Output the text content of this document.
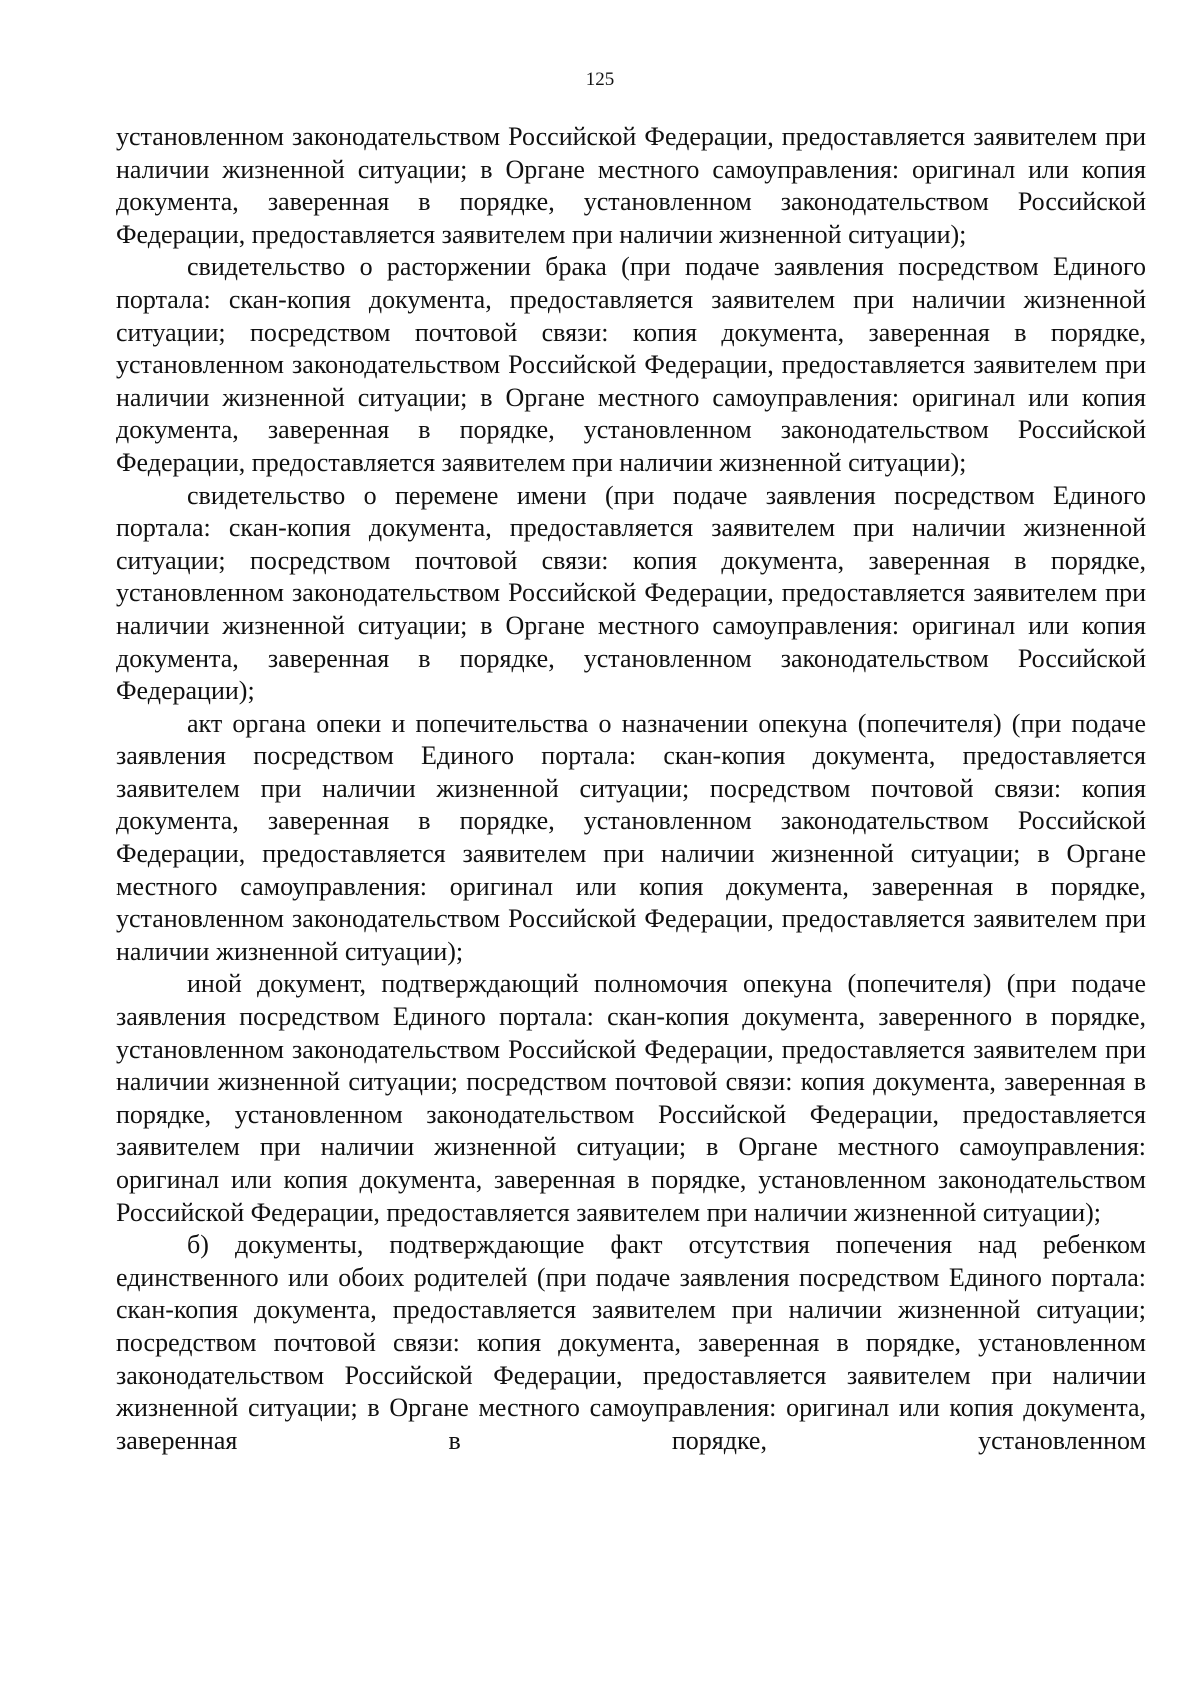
125

установленном законодательством Российской Федерации, предоставляется заявителем при наличии жизненной ситуации; в Органе местного самоуправления: оригинал или копия документа, заверенная в порядке, установленном законодательством Российской Федерации, предоставляется заявителем при наличии жизненной ситуации);

свидетельство о расторжении брака (при подаче заявления посредством Единого портала: скан-копия документа, предоставляется заявителем при наличии жизненной ситуации; посредством почтовой связи: копия документа, заверенная в порядке, установленном законодательством Российской Федерации, предоставляется заявителем при наличии жизненной ситуации; в Органе местного самоуправления: оригинал или копия документа, заверенная в порядке, установленном законодательством Российской Федерации, предоставляется заявителем при наличии жизненной ситуации);

свидетельство о перемене имени (при подаче заявления посредством Единого портала: скан-копия документа, предоставляется заявителем при наличии жизненной ситуации; посредством почтовой связи: копия документа, заверенная в порядке, установленном законодательством Российской Федерации, предоставляется заявителем при наличии жизненной ситуации; в Органе местного самоуправления: оригинал или копия документа, заверенная в порядке, установленном законодательством Российской Федерации);

акт органа опеки и попечительства о назначении опекуна (попечителя) (при подаче заявления посредством Единого портала: скан-копия документа, предоставляется заявителем при наличии жизненной ситуации; посредством почтовой связи: копия документа, заверенная в порядке, установленном законодательством Российской Федерации, предоставляется заявителем при наличии жизненной ситуации; в Органе местного самоуправления: оригинал или копия документа, заверенная в порядке, установленном законодательством Российской Федерации, предоставляется заявителем при наличии жизненной ситуации);

иной документ, подтверждающий полномочия опекуна (попечителя) (при подаче заявления посредством Единого портала: скан-копия документа, заверенного в порядке, установленном законодательством Российской Федерации, предоставляется заявителем при наличии жизненной ситуации; посредством почтовой связи: копия документа, заверенная в порядке, установленном законодательством Российской Федерации, предоставляется заявителем при наличии жизненной ситуации; в Органе местного самоуправления: оригинал или копия документа, заверенная в порядке, установленном законодательством Российской Федерации, предоставляется заявителем при наличии жизненной ситуации);

б) документы, подтверждающие факт отсутствия попечения над ребенком единственного или обоих родителей (при подаче заявления посредством Единого портала: скан-копия документа, предоставляется заявителем при наличии жизненной ситуации; посредством почтовой связи: копия документа, заверенная в порядке, установленном законодательством Российской Федерации, предоставляется заявителем при наличии жизненной ситуации; в Органе местного самоуправления: оригинал или копия документа, заверенная в порядке, установленном
